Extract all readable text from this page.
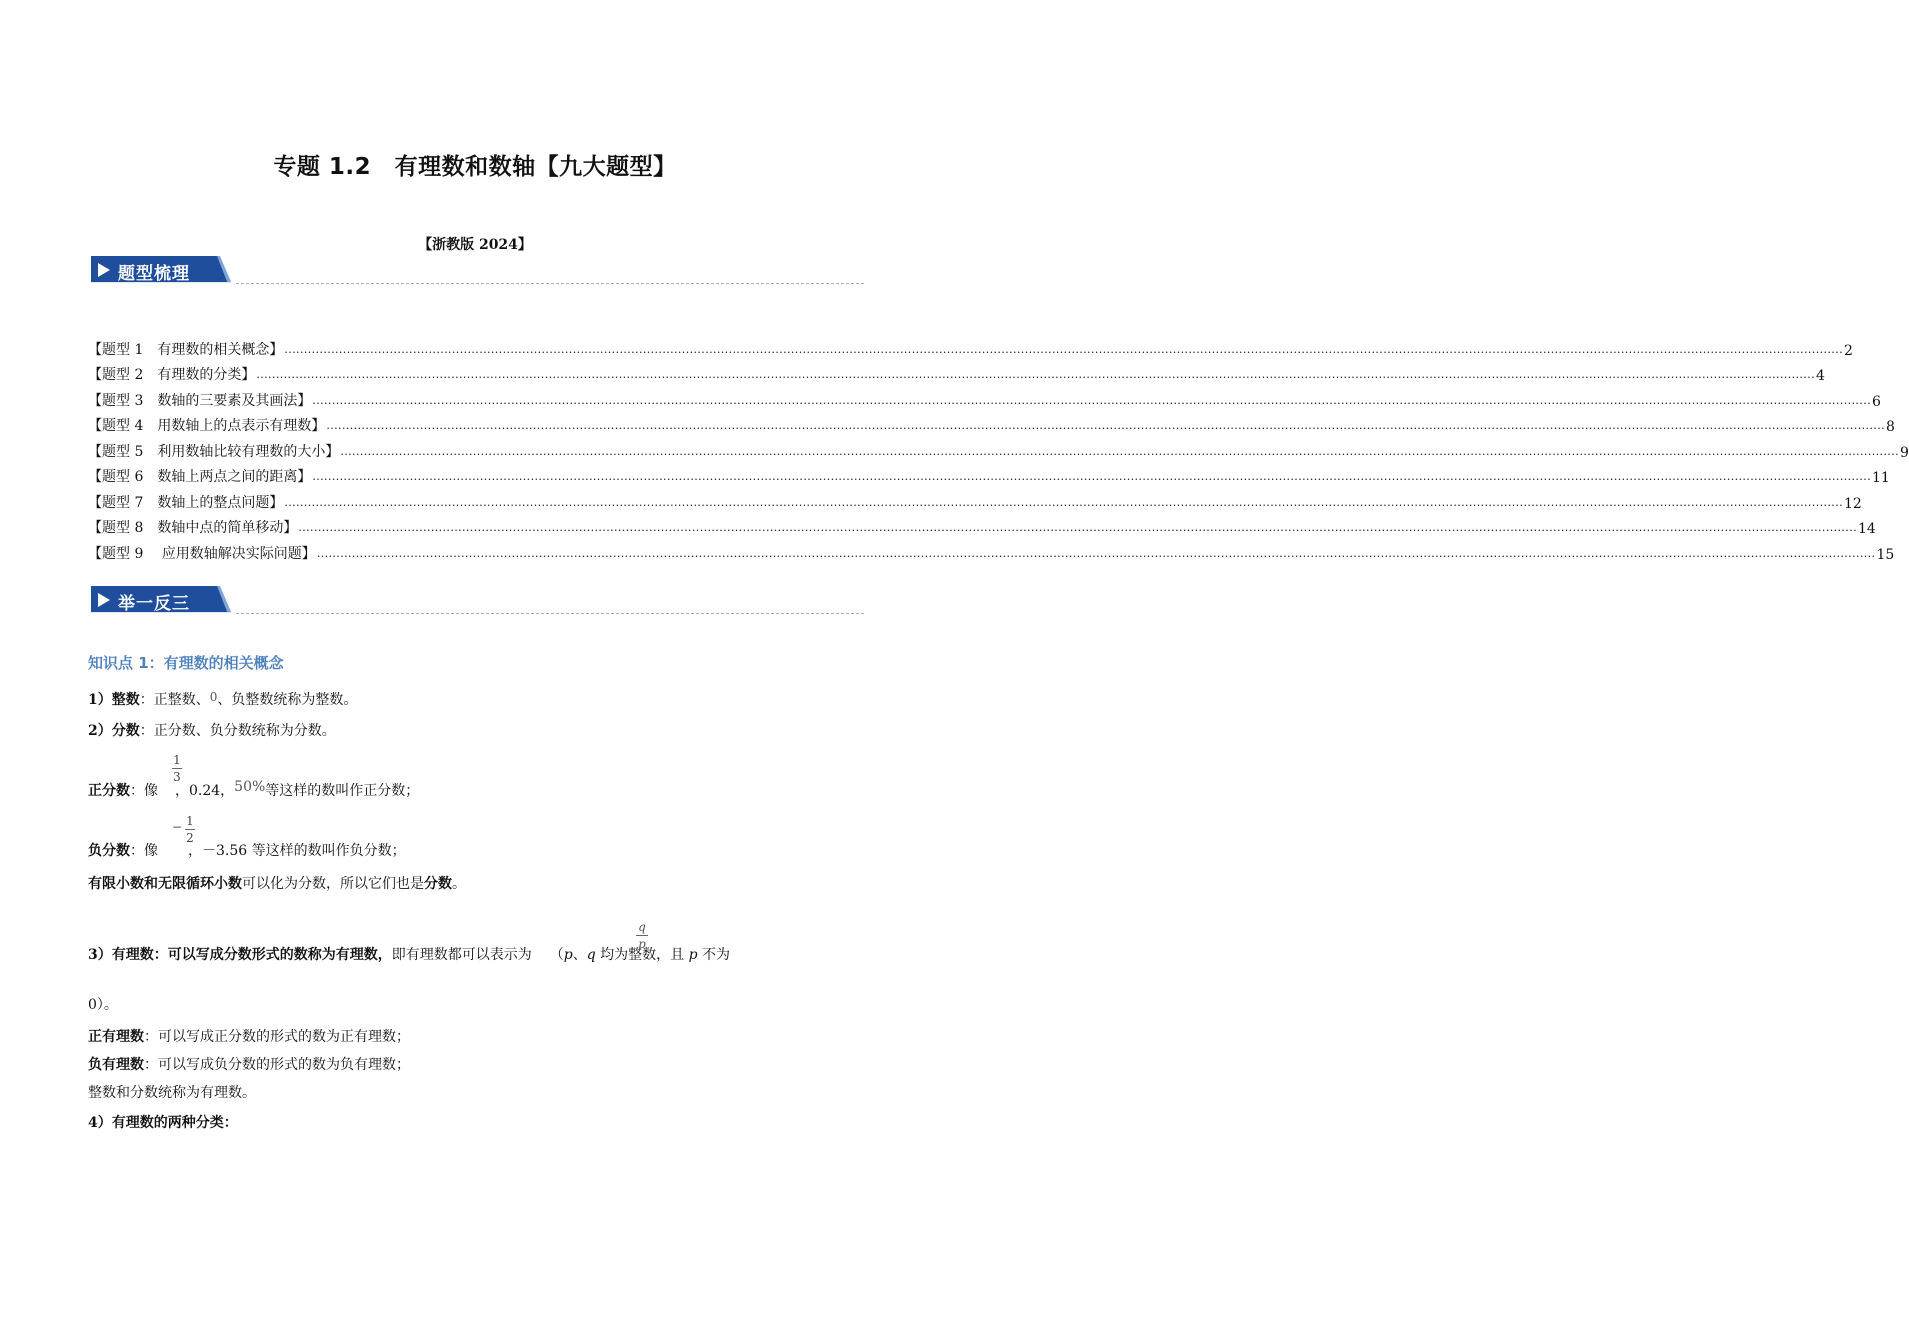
专题 1.2　有理数和数轴【九大题型】
【浙教版 2024】
题型梳理
【题型 1　有理数的相关概念】 ................................................................................................................................................................................................................................................................................................................................................................................................................ 2
【题型 2　有理数的分类】 ................................................................................................................................................................................................................................................................................................................................................................................................................ 4
【题型 3　数轴的三要素及其画法】 ................................................................................................................................................................................................................................................................................................................................................................................................................ 6
【题型 4　用数轴上的点表示有理数】 ................................................................................................................................................................................................................................................................................................................................................................................................................ 8
【题型 5　利用数轴比较有理数的大小】 ................................................................................................................................................................................................................................................................................................................................................................................................................ 9
【题型 6　数轴上两点之间的距离】 ................................................................................................................................................................................................................................................................................................................................................................................................................ 11
【题型 7　数轴上的整点问题】 ................................................................................................................................................................................................................................................................................................................................................................................................................ 12
【题型 8　数轴中点的简单移动】 ................................................................................................................................................................................................................................................................................................................................................................................................................ 14
【题型 9　 应用数轴解决实际问题】 ................................................................................................................................................................................................................................................................................................................................................................................................................ 15
举一反三
知识点 1：有理数的相关概念
1）整数：正整数、0、负整数统称为整数。
2）分数：正分数、负分数统称为分数。
正分数：像 ，0.24，50%等这样的数叫作正分数；
1
3
负分数：像 ，－3.56 等这样的数叫作负分数；
− 1
2
有限小数和无限循环小数可以化为分数，所以它们也是分数。
3）有理数：可以写成分数形式的数称为有理数，即有理数都可以表示为 （p、q 均为整数，且 p 不为
q
p
0）。
正有理数：可以写成正分数的形式的数为正有理数；
负有理数：可以写成负分数的形式的数为负有理数；
整数和分数统称为有理数。
4）有理数的两种分类：
